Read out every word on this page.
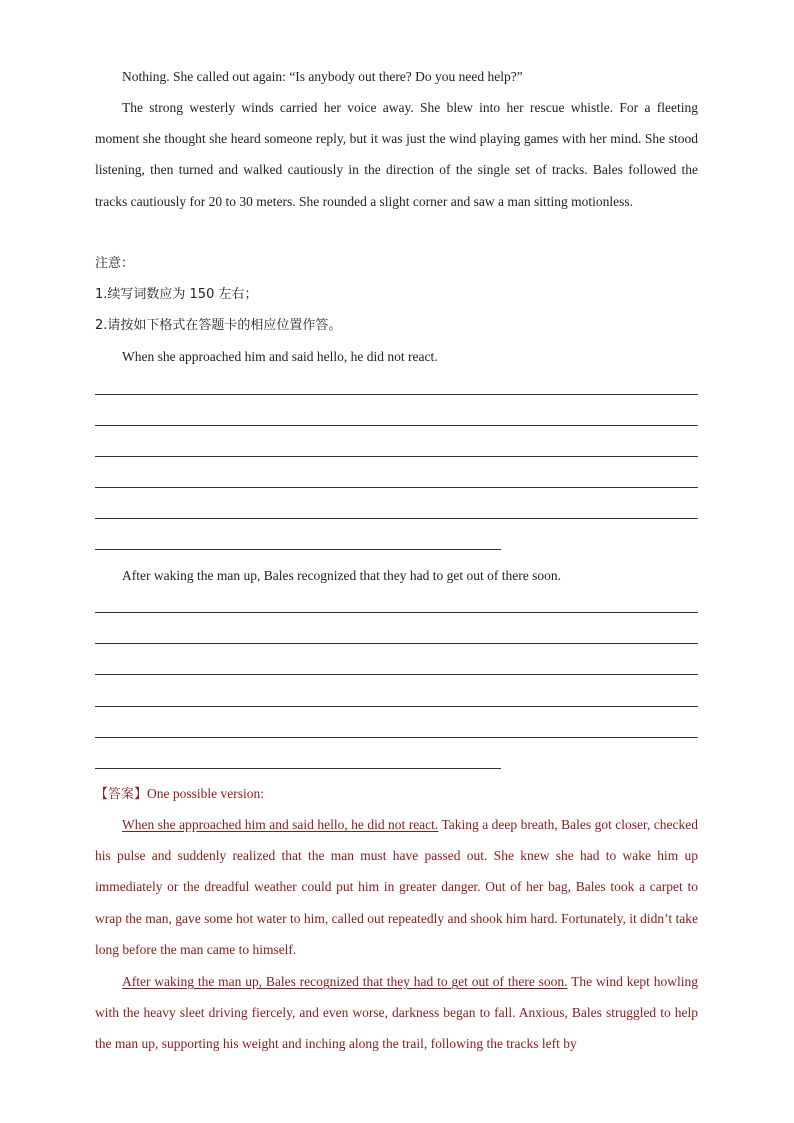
Nothing. She called out again: “Is anybody out there? Do you need help?”

The strong westerly winds carried her voice away. She blew into her rescue whistle. For a fleeting moment she thought she heard someone reply, but it was just the wind playing games with her mind. She stood listening, then turned and walked cautiously in the direction of the single set of tracks. Bales followed the tracks cautiously for 20 to 30 meters. She rounded a slight corner and saw a man sitting motionless.

注意：

1.续写词数应为 150 左右；

2.请按如下格式在答题卡的相应位置作答。

When she approached him and said hello, he did not react.

After waking the man up, Bales recognized that they had to get out of there soon.

【答案】One possible version:

When she approached him and said hello, he did not react. Taking a deep breath, Bales got closer, checked his pulse and suddenly realized that the man must have passed out. She knew she had to wake him up immediately or the dreadful weather could put him in greater danger. Out of her bag, Bales took a carpet to wrap the man, gave some hot water to him, called out repeatedly and shook him hard. Fortunately, it didn’t take long before the man came to himself.

After waking the man up, Bales recognized that they had to get out of there soon. The wind kept howling with the heavy sleet driving fiercely, and even worse, darkness began to fall. Anxious, Bales struggled to help the man up, supporting his weight and inching along the trail, following the tracks left by
